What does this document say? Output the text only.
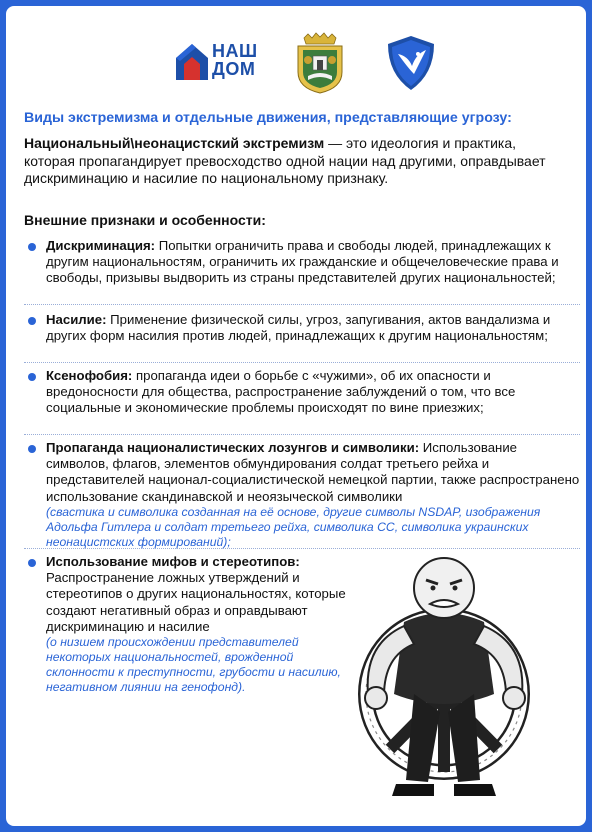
НАШ
ДОМ
Виды экстремизма и отдельные движения, представляющие угрозу:

Национальный\неонацистский экстремизм — это идеология и практика, которая пропагандирует превосходство одной нации над другими, оправдывает дискриминацию и насилие по национальному признаку.

Внешние признаки и особенности:

Дискриминация: Попытки ограничить права и свободы людей, принадлежащих к другим национальностям, ограничить их гражданские и общечеловеческие права и свободы, призывы выдворить из страны представителей других национальностей;

Насилие: Применение физической силы, угроз, запугивания, актов вандализма и других форм насилия против людей, принадлежащих к другим национальностям;

Ксенофобия: пропаганда идеи о борьбе с «чужими», об их опасности и вредоносности для общества, распространение заблуждений о том, что все социальные и экономические проблемы происходят по вине приезжих;

Пропаганда националистических лозунгов и символики: Использование символов, флагов, элементов обмундирования солдат третьего рейха и представителей национал-социалистической немецкой партии, также распространено использование скандинавской и неоязыческой символики
(свастика и символика созданная на её основе, другие символы NSDAP, изображения Адольфа Гитлера и солдат третьего рейха, символика СС, символика украинских неонацистских формирований);

Использование мифов и стереотипов: Распространение ложных утверждений и стереотипов о других национальностях, которые создают негативный образ и оправдывают дискриминацию и насилие
(о низшем происхождении представителей некоторых национальностей, врожденной склонности к преступности, грубости и насилию, негативном лиянии на генофонд).
